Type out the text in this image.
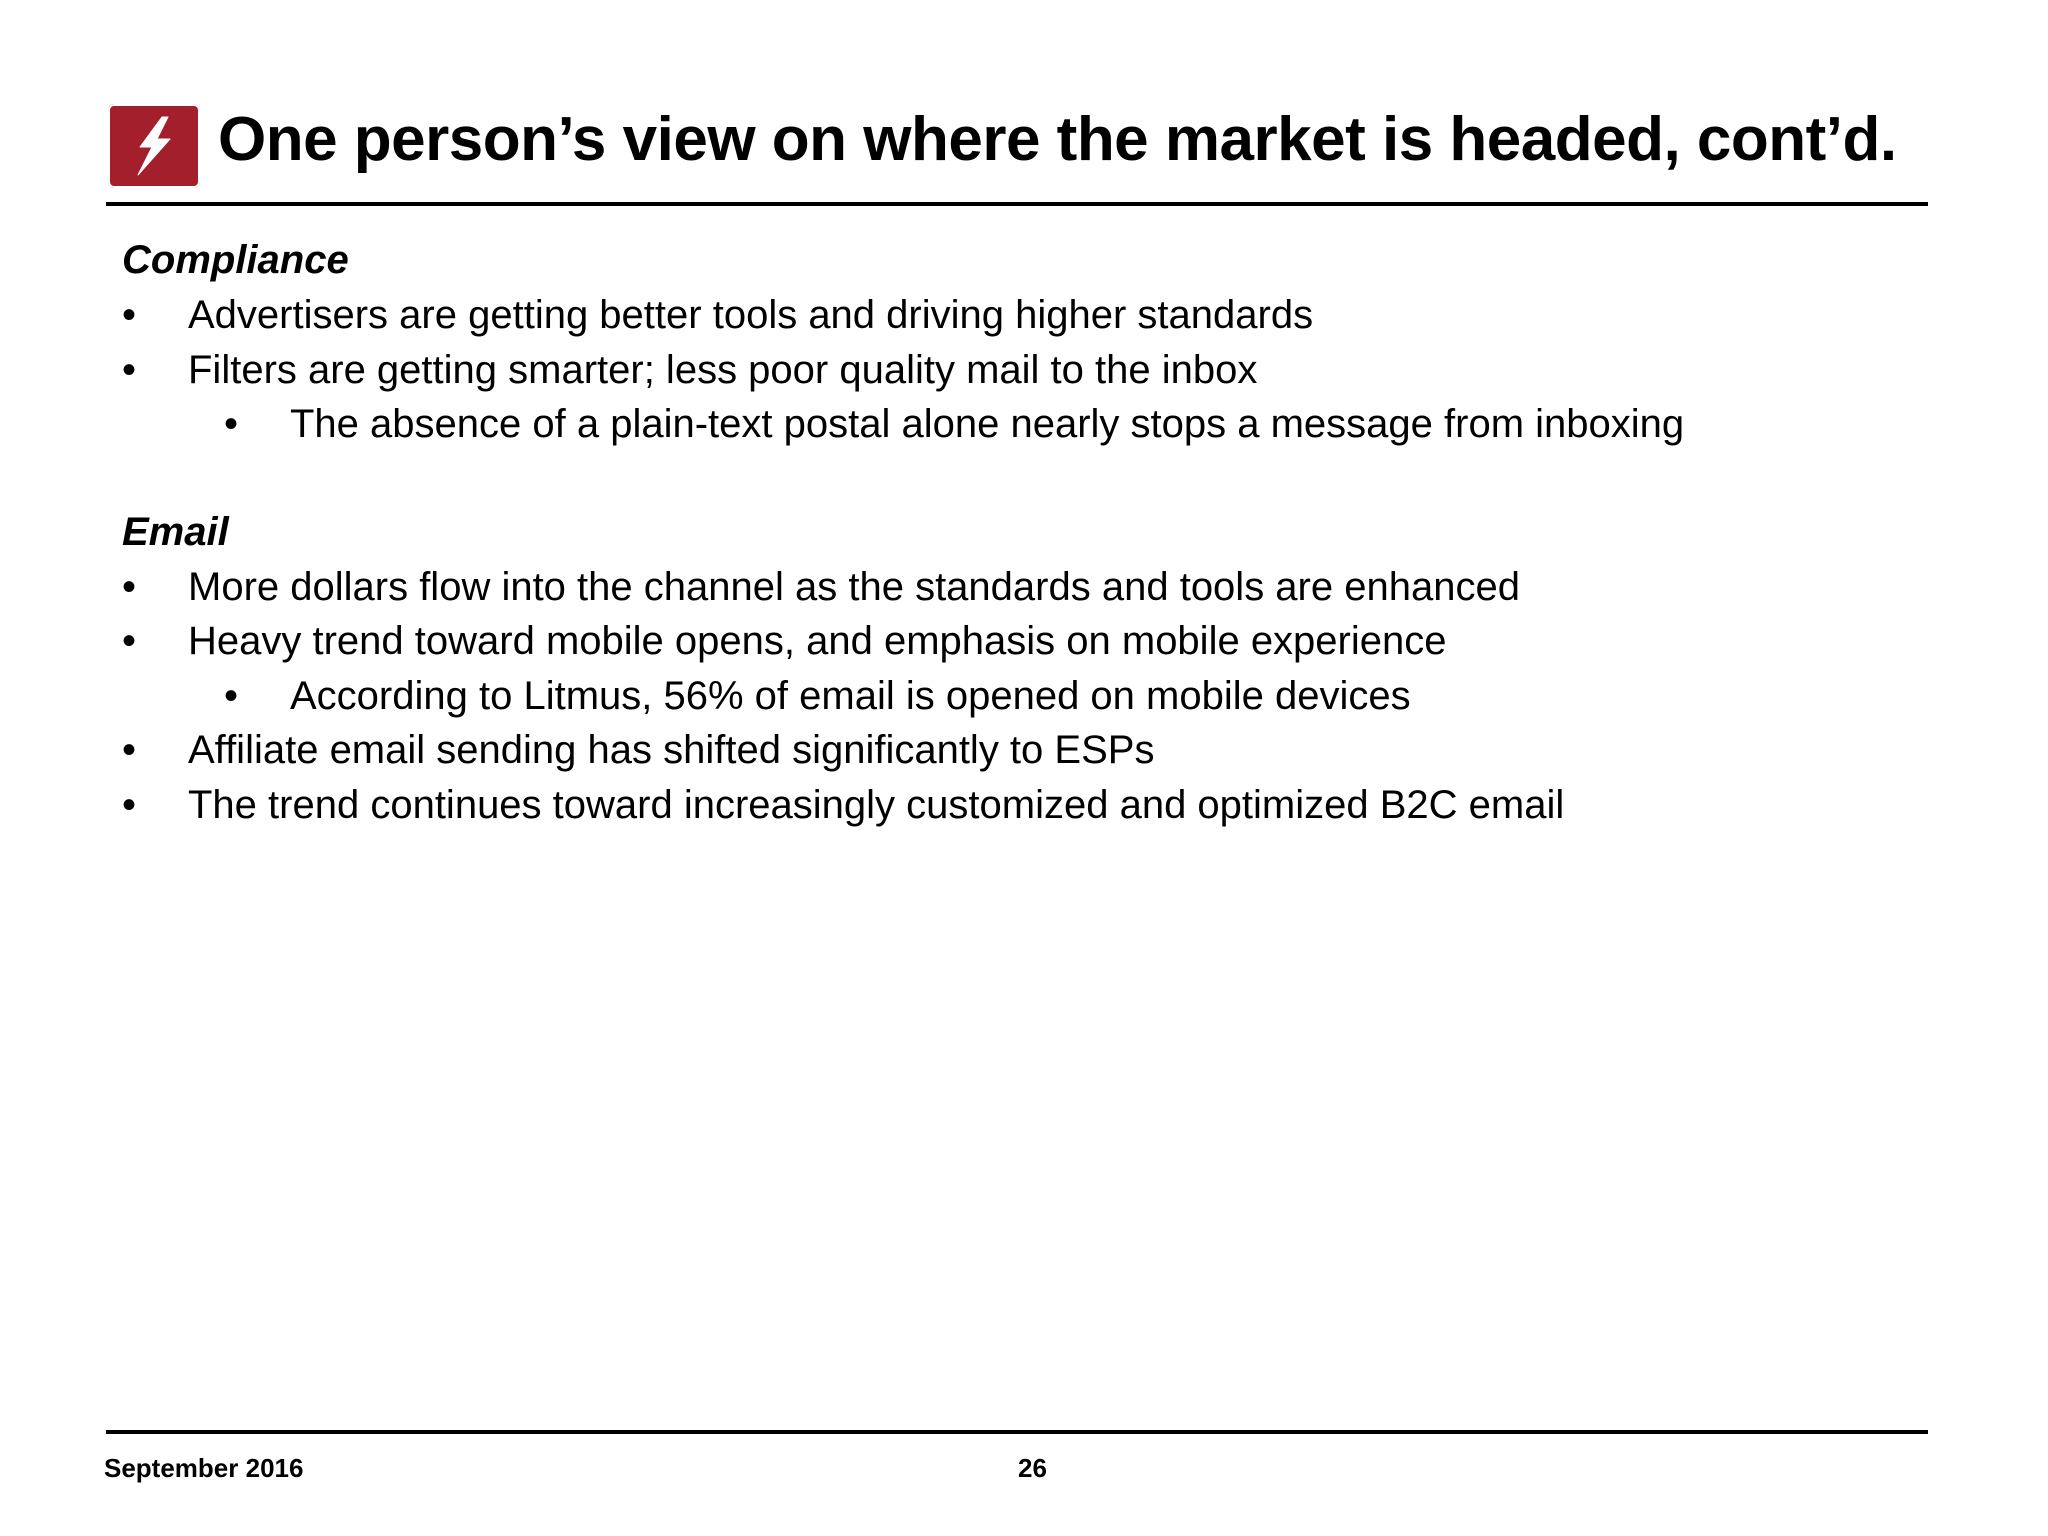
One person’s view on where the market is headed, cont’d.

Compliance

• Advertisers are getting better tools and driving higher standards
• Filters are getting smarter; less poor quality mail to the inbox
• The absence of a plain-text postal alone nearly stops a message from inboxing

Email

• More dollars flow into the channel as the standards and tools are enhanced
• Heavy trend toward mobile opens, and emphasis on mobile experience
• According to Litmus, 56% of email is opened on mobile devices
• Affiliate email sending has shifted significantly to ESPs
• The trend continues toward increasingly customized and optimized B2C email
September 2016	26
